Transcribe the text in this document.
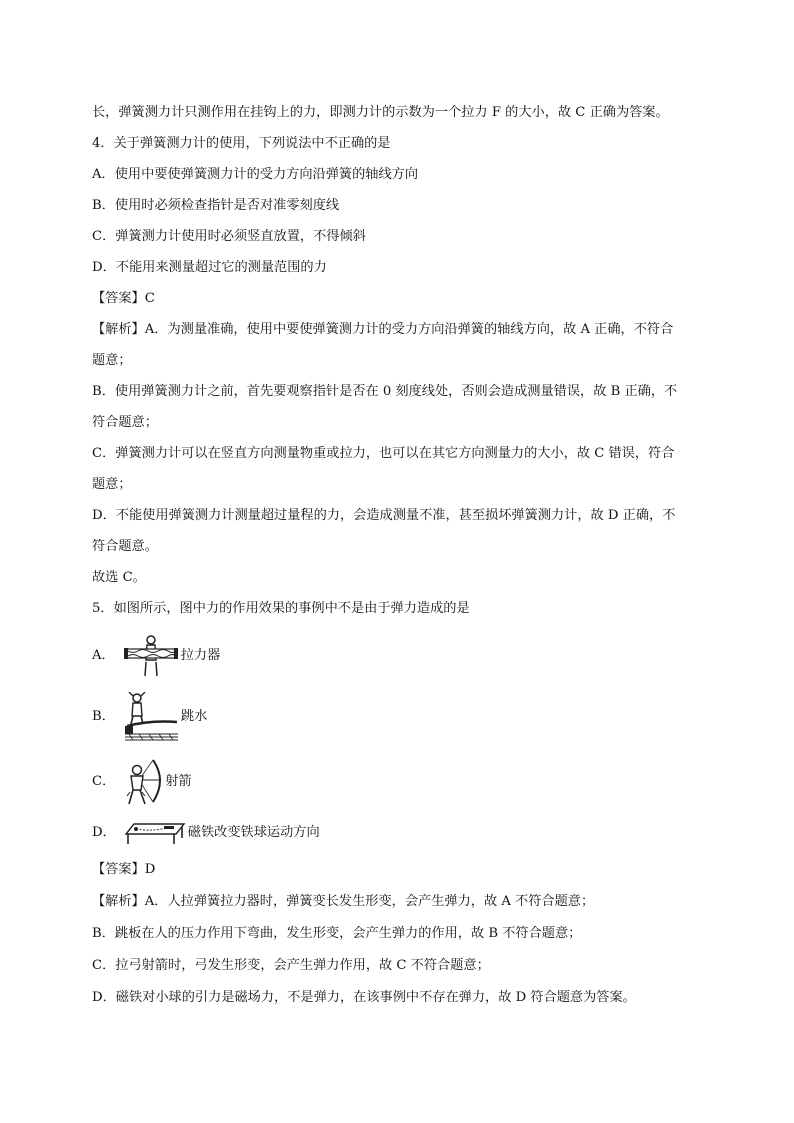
长，弹簧测力计只测作用在挂钩上的力，即测力计的示数为一个拉力 F 的大小，故 C 正确为答案。
4．关于弹簧测力计的使用，下列说法中不正确的是
A．使用中要使弹簧测力计的受力方向沿弹簧的轴线方向
B．使用时必须检查指针是否对准零刻度线
C．弹簧测力计使用时必须竖直放置，不得倾斜
D．不能用来测量超过它的测量范围的力
【答案】C
【解析】A．为测量准确，使用中要使弹簧测力计的受力方向沿弹簧的轴线方向，故 A 正确，不符合
题意；
B．使用弹簧测力计之前，首先要观察指针是否在 0 刻度线处，否则会造成测量错误，故 B 正确，不
符合题意；
C．弹簧测力计可以在竖直方向测量物重或拉力，也可以在其它方向测量力的大小，故 C 错误，符合
题意；
D．不能使用弹簧测力计测量超过量程的力，会造成测量不准，甚至损坏弹簧测力计，故 D 正确，不
符合题意。
故选 C。
5．如图所示，图中力的作用效果的事例中不是由于弹力造成的是
A．	拉力器
B．	跳水
C．	射箭
D．	磁铁改变铁球运动方向
【答案】D
【解析】A．人拉弹簧拉力器时，弹簧变长发生形变，会产生弹力，故 A 不符合题意；
B．跳板在人的压力作用下弯曲，发生形变，会产生弹力的作用，故 B 不符合题意；
C．拉弓射箭时，弓发生形变，会产生弹力作用，故 C 不符合题意；
D．磁铁对小球的引力是磁场力，不是弹力，在该事例中不存在弹力，故 D 符合题意为答案。
